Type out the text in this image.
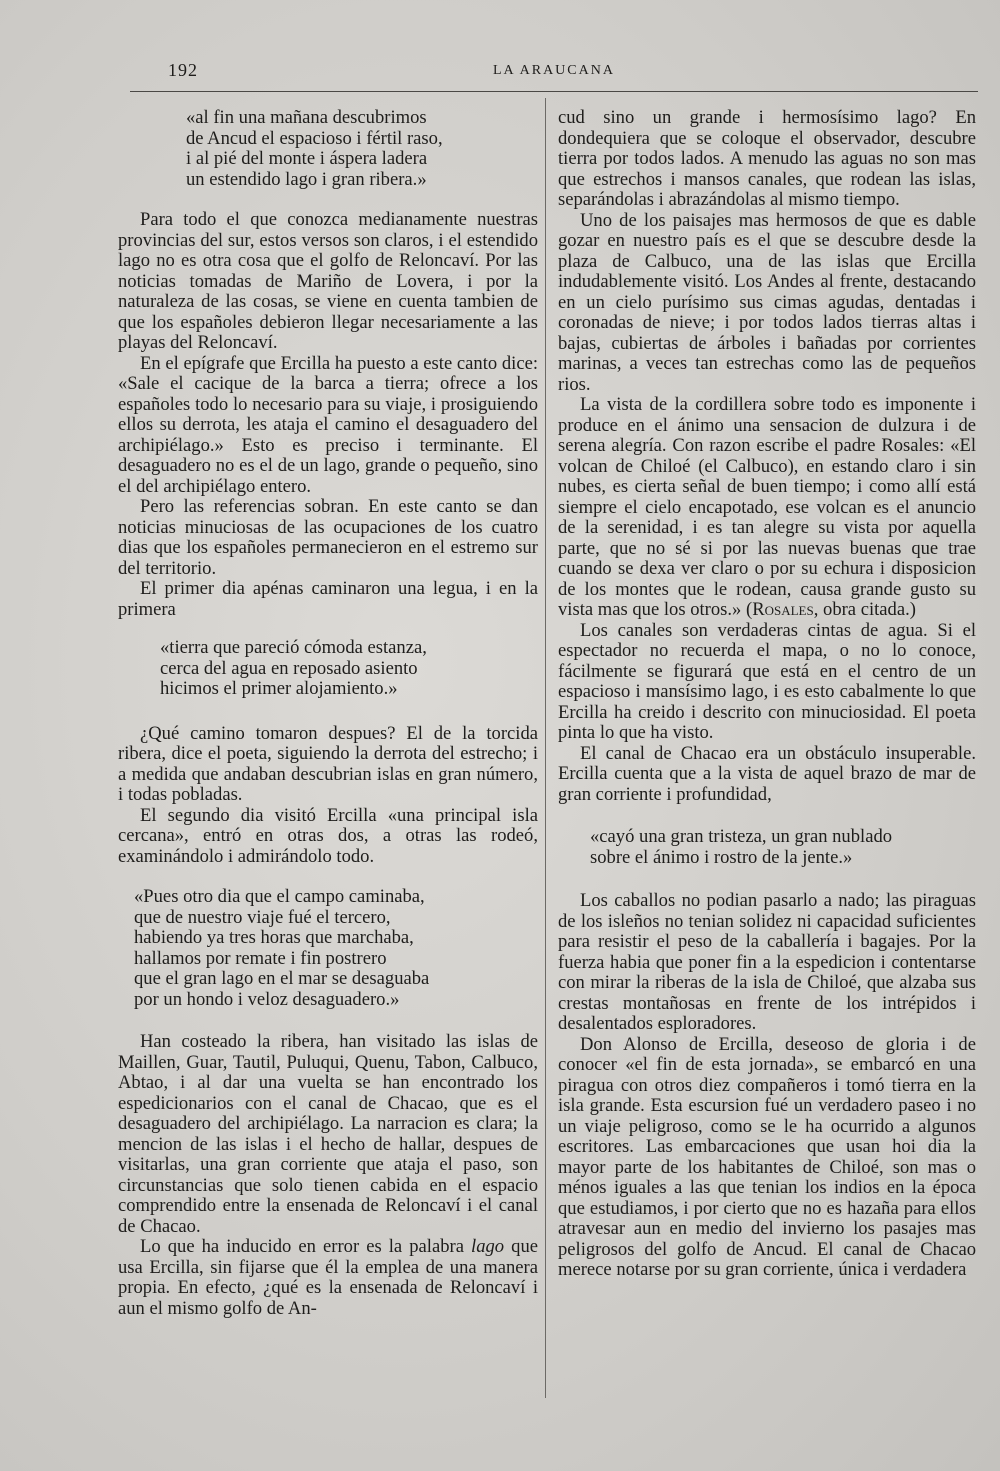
192	LA ARAUCANA
«al fin una mañana descubrimos
de Ancud el espacioso i fértil raso,
i al pié del monte i áspera ladera
un estendido lago i gran ribera.»

Para todo el que conozca medianamente nuestras provincias del sur, estos versos son claros, i el estendido lago no es otra cosa que el golfo de Reloncaví. Por las noticias tomadas de Mariño de Lovera, i por la naturaleza de las cosas, se viene en cuenta tambien de que los españoles debieron llegar necesariamente a las playas del Reloncaví.

En el epígrafe que Ercilla ha puesto a este canto dice: «Sale el cacique de la barca a tierra; ofrece a los españoles todo lo necesario para su viaje, i prosiguiendo ellos su derrota, les ataja el camino el desaguadero del archipiélago.» Esto es preciso i terminante. El desaguadero no es el de un lago, grande o pequeño, sino el del archipiélago entero.

Pero las referencias sobran. En este canto se dan noticias minuciosas de las ocupaciones de los cuatro dias que los españoles permanecieron en el estremo sur del territorio.

El primer dia apénas caminaron una legua, i en la primera

«tierra que pareció cómoda estanza,
cerca del agua en reposado asiento
hicimos el primer alojamiento.»

¿Qué camino tomaron despues? El de la torcida ribera, dice el poeta, siguiendo la derrota del estrecho; i a medida que andaban descubrian islas en gran número, i todas pobladas.

El segundo dia visitó Ercilla «una principal isla cercana», entró en otras dos, a otras las rodeó, examinándolo i admirándolo todo.

«Pues otro dia que el campo caminaba,
que de nuestro viaje fué el tercero,
habiendo ya tres horas que marchaba,
hallamos por remate i fin postrero
que el gran lago en el mar se desaguaba
por un hondo i veloz desaguadero.»

Han costeado la ribera, han visitado las islas de Maillen, Guar, Tautil, Puluqui, Quenu, Tabon, Calbuco, Abtao, i al dar una vuelta se han encontrado los espedicionarios con el canal de Chacao, que es el desaguadero del archipiélago. La narracion es clara; la mencion de las islas i el hecho de hallar, despues de visitarlas, una gran corriente que ataja el paso, son circunstancias que solo tienen cabida en el espacio comprendido entre la ensenada de Reloncaví i el canal de Chacao.

Lo que ha inducido en error es la palabra lago que usa Ercilla, sin fijarse que él la emplea de una manera propia. En efecto, ¿qué es la ensenada de Reloncaví i aun el mismo golfo de An-

cud sino un grande i hermosísimo lago? En dondequiera que se coloque el observador, descubre tierra por todos lados. A menudo las aguas no son mas que estrechos i mansos canales, que rodean las islas, separándolas i abrazándolas al mismo tiempo.

Uno de los paisajes mas hermosos de que es dable gozar en nuestro país es el que se descubre desde la plaza de Calbuco, una de las islas que Ercilla indudablemente visitó. Los Andes al frente, destacando en un cielo purísimo sus cimas agudas, dentadas i coronadas de nieve; i por todos lados tierras altas i bajas, cubiertas de árboles i bañadas por corrientes marinas, a veces tan estrechas como las de pequeños rios.

La vista de la cordillera sobre todo es imponente i produce en el ánimo una sensacion de dulzura i de serena alegría. Con razon escribe el padre Rosales: «El volcan de Chiloé (el Calbuco), en estando claro i sin nubes, es cierta señal de buen tiempo; i como allí está siempre el cielo encapotado, ese volcan es el anuncio de la serenidad, i es tan alegre su vista por aquella parte, que no sé si por las nuevas buenas que trae cuando se dexa ver claro o por su echura i disposicion de los montes que le rodean, causa grande gusto su vista mas que los otros.» (Rosales, obra citada.)

Los canales son verdaderas cintas de agua. Si el espectador no recuerda el mapa, o no lo conoce, fácilmente se figurará que está en el centro de un espacioso i mansísimo lago, i es esto cabalmente lo que Ercilla ha creido i descrito con minuciosidad. El poeta pinta lo que ha visto.

El canal de Chacao era un obstáculo insuperable. Ercilla cuenta que a la vista de aquel brazo de mar de gran corriente i profundidad,

«cayó una gran tristeza, un gran nublado
sobre el ánimo i rostro de la jente.»

Los caballos no podian pasarlo a nado; las piraguas de los isleños no tenian solidez ni capacidad suficientes para resistir el peso de la caballería i bagajes. Por la fuerza habia que poner fin a la espedicion i contentarse con mirar la riberas de la isla de Chiloé, que alzaba sus crestas montañosas en frente de los intrépidos i desalentados esploradores.

Don Alonso de Ercilla, deseoso de gloria i de conocer «el fin de esta jornada», se embarcó en una piragua con otros diez compañeros i tomó tierra en la isla grande. Esta escursion fué un verdadero paseo i no un viaje peligroso, como se le ha ocurrido a algunos escritores. Las embarcaciones que usan hoi dia la mayor parte de los habitantes de Chiloé, son mas o ménos iguales a las que tenian los indios en la época que estudiamos, i por cierto que no es hazaña para ellos atravesar aun en medio del invierno los pasajes mas peligrosos del golfo de Ancud. El canal de Chacao merece notarse por su gran corriente, única i verdadera
